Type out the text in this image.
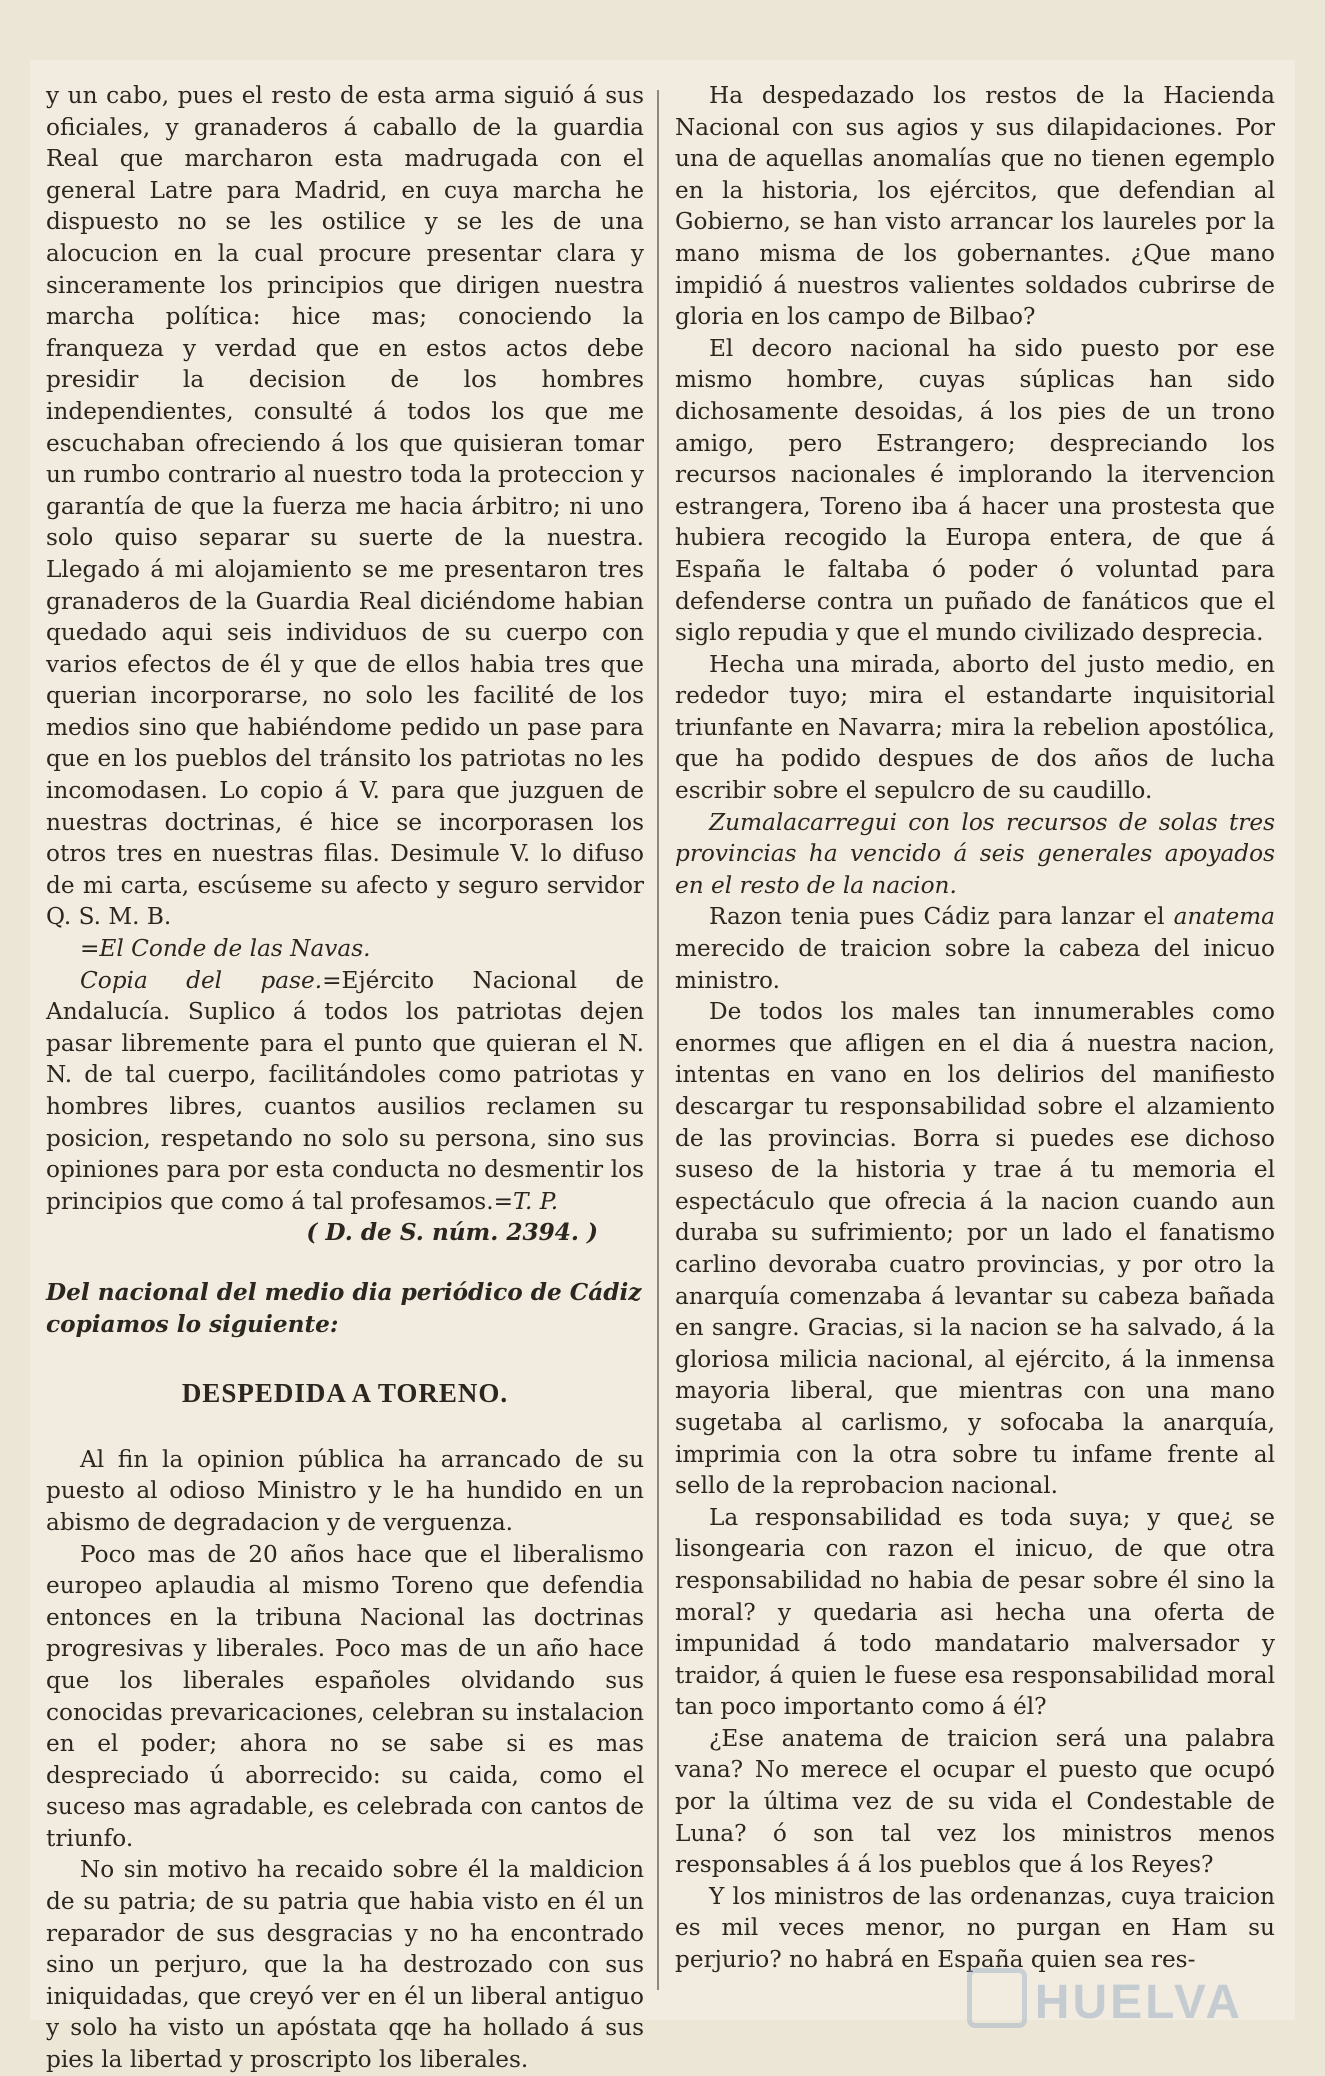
y un cabo, pues el resto de esta arma siguió á sus oficiales, y granaderos á caballo de la guardia Real que marcharon esta madrugada con el general Latre para Madrid, en cuya marcha he dispuesto no se les ostilice y se les de una alocucion en la cual procure presentar clara y sinceramente los principios que dirigen nuestra marcha política: hice mas; conociendo la franqueza y verdad que en estos actos debe presidir la decision de los hombres independientes, consulté á todos los que me escuchaban ofreciendo á los que quisieran tomar un rumbo contrario al nuestro toda la proteccion y garantía de que la fuerza me hacia árbitro; ni uno solo quiso separar su suerte de la nuestra. Llegado á mi alojamiento se me presentaron tres granaderos de la Guardia Real diciéndome habian quedado aqui seis individuos de su cuerpo con varios efectos de él y que de ellos habia tres que querian incorporarse, no solo les facilité de los medios sino que habiéndome pedido un pase para que en los pueblos del tránsito los patriotas no les incomodasen. Lo copio á V. para que juzguen de nuestras doctrinas, é hice se incorporasen los otros tres en nuestras filas. Desimule V. lo difuso de mi carta, escúseme su afecto y seguro servidor Q. S. M. B.

=El Conde de las Navas.

Copia del pase.=Ejército Nacional de Andalucía. Suplico á todos los patriotas dejen pasar libremente para el punto que quieran el N. N. de tal cuerpo, facilitándoles como patriotas y hombres libres, cuantos ausilios reclamen su posicion, respetando no solo su persona, sino sus opiniones para por esta conducta no desmentir los principios que como á tal profesamos.=T. P.

( D. de S. núm. 2394. )

Del nacional del medio dia periódico de Cádiz copiamos lo siguiente:

DESPEDIDA A TORENO.

Al fin la opinion pública ha arrancado de su puesto al odioso Ministro y le ha hundido en un abismo de degradacion y de verguenza.

Poco mas de 20 años hace que el liberalismo europeo aplaudia al mismo Toreno que defendia entonces en la tribuna Nacional las doctrinas progresivas y liberales. Poco mas de un año hace que los liberales españoles olvidando sus conocidas prevaricaciones, celebran su instalacion en el poder; ahora no se sabe si es mas despreciado ú aborrecido: su caida, como el suceso mas agradable, es celebrada con cantos de triunfo.

No sin motivo ha recaido sobre él la maldicion de su patria; de su patria que habia visto en él un reparador de sus desgracias y no ha encontrado sino un perjuro, que la ha destrozado con sus iniquidadas, que creyó ver en él un liberal antiguo y solo ha visto un apóstata qqe ha hollado á sus pies la libertad y proscripto los liberales.

Ha despedazado los restos de la Hacienda Nacional con sus agios y sus dilapidaciones. Por una de aquellas anomalías que no tienen egemplo en la historia, los ejércitos, que defendian al Gobierno, se han visto arrancar los laureles por la mano misma de los gobernantes. ¿Que mano impidió á nuestros valientes soldados cubrirse de gloria en los campo de Bilbao?

El decoro nacional ha sido puesto por ese mismo hombre, cuyas súplicas han sido dichosamente desoidas, á los pies de un trono amigo, pero Estrangero; despreciando los recursos nacionales é implorando la itervencion estrangera, Toreno iba á hacer una prostesta que hubiera recogido la Europa entera, de que á España le faltaba ó poder ó voluntad para defenderse contra un puñado de fanáticos que el siglo repudia y que el mundo civilizado desprecia.

Hecha una mirada, aborto del justo medio, en rededor tuyo; mira el estandarte inquisitorial triunfante en Navarra; mira la rebelion apostólica, que ha podido despues de dos años de lucha escribir sobre el sepulcro de su caudillo.

Zumalacarregui con los recursos de solas tres provincias ha vencido á seis generales apoyados en el resto de la nacion.

Razon tenia pues Cádiz para lanzar el anatema merecido de traicion sobre la cabeza del inicuo ministro.

De todos los males tan innumerables como enormes que afligen en el dia á nuestra nacion, intentas en vano en los delirios del manifiesto descargar tu responsabilidad sobre el alzamiento de las provincias. Borra si puedes ese dichoso suseso de la historia y trae á tu memoria el espectáculo que ofrecia á la nacion cuando aun duraba su sufrimiento; por un lado el fanatismo carlino devoraba cuatro provincias, y por otro la anarquía comenzaba á levantar su cabeza bañada en sangre. Gracias, si la nacion se ha salvado, á la gloriosa milicia nacional, al ejército, á la inmensa mayoria liberal, que mientras con una mano sugetaba al carlismo, y sofocaba la anarquía, imprimia con la otra sobre tu infame frente al sello de la reprobacion nacional.

La responsabilidad es toda suya; y que¿ se lisongearia con razon el inicuo, de que otra responsabilidad no habia de pesar sobre él sino la moral? y quedaria asi hecha una oferta de impunidad á todo mandatario malversador y traidor, á quien le fuese esa responsabilidad moral tan poco importanto como á él?

¿Ese anatema de traicion será una palabra vana? No merece el ocupar el puesto que ocupó por la última vez de su vida el Condestable de Luna? ó son tal vez los ministros menos responsables á á los pueblos que á los Reyes?

Y los ministros de las ordenanzas, cuya traicion es mil veces menor, no purgan en Ham su perjurio? no habrá en España quien sea res-

HUELVA
